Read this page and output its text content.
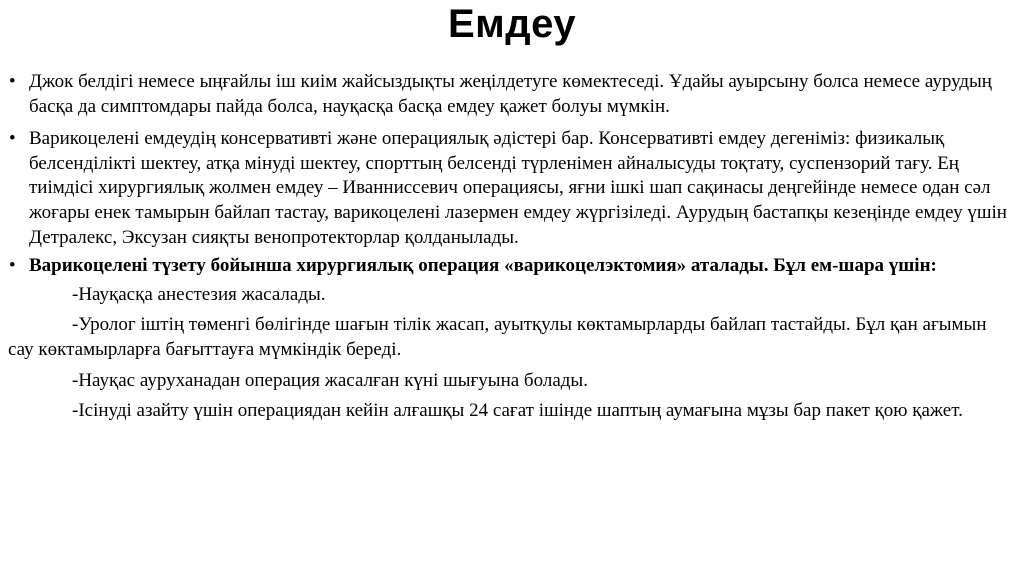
Емдеу
• Джок белдігі немесе ыңғайлы іш киім жайсыздықты жеңілдетуге көмектеседі. Ұдайы ауырсыну болса немесе аурудың басқа да симптомдары пайда болса, науқасқа басқа емдеу қажет болуы мүмкін.
• Варикоцелені емдеудің консервативті және операциялық әдістері бар. Консервативті емдеу дегеніміз: физикалық белсенділікті шектеу, атқа мінуді шектеу, спорттың белсенді түрленімен айналысуды тоқтату, суспензорий тағу. Ең тиімдісі хирургиялық жолмен емдеу – Иванниссевич операциясы, яғни ішкі шап сақинасы деңгейінде немесе одан сәл жоғары енек тамырын байлап тастау, варикоцелені лазермен емдеу жүргізіледі. Аурудың бастапқы кезеңінде емдеу үшін Детралекс, Эксузан сияқты венопротекторлар қолданылады.
• Варикоцелені түзету бойынша хирургиялық операция «варикоцелэктомия» аталады. Бұл ем-шара үшін:

-Науқасқа анестезия жасалады.

-Уролог іштің төменгі бөлігінде шағын тілік жасап, ауытқулы көктамырларды байлап тастайды. Бұл қан ағымын сау көктамырларға бағыттауға мүмкіндік береді.

-Науқас ауруханадан операция жасалған күні шығуына болады.

-Ісінуді азайту үшін операциядан кейін алғашқы 24 сағат ішінде шаптың аумағына мұзы бар пакет қою қажет.
